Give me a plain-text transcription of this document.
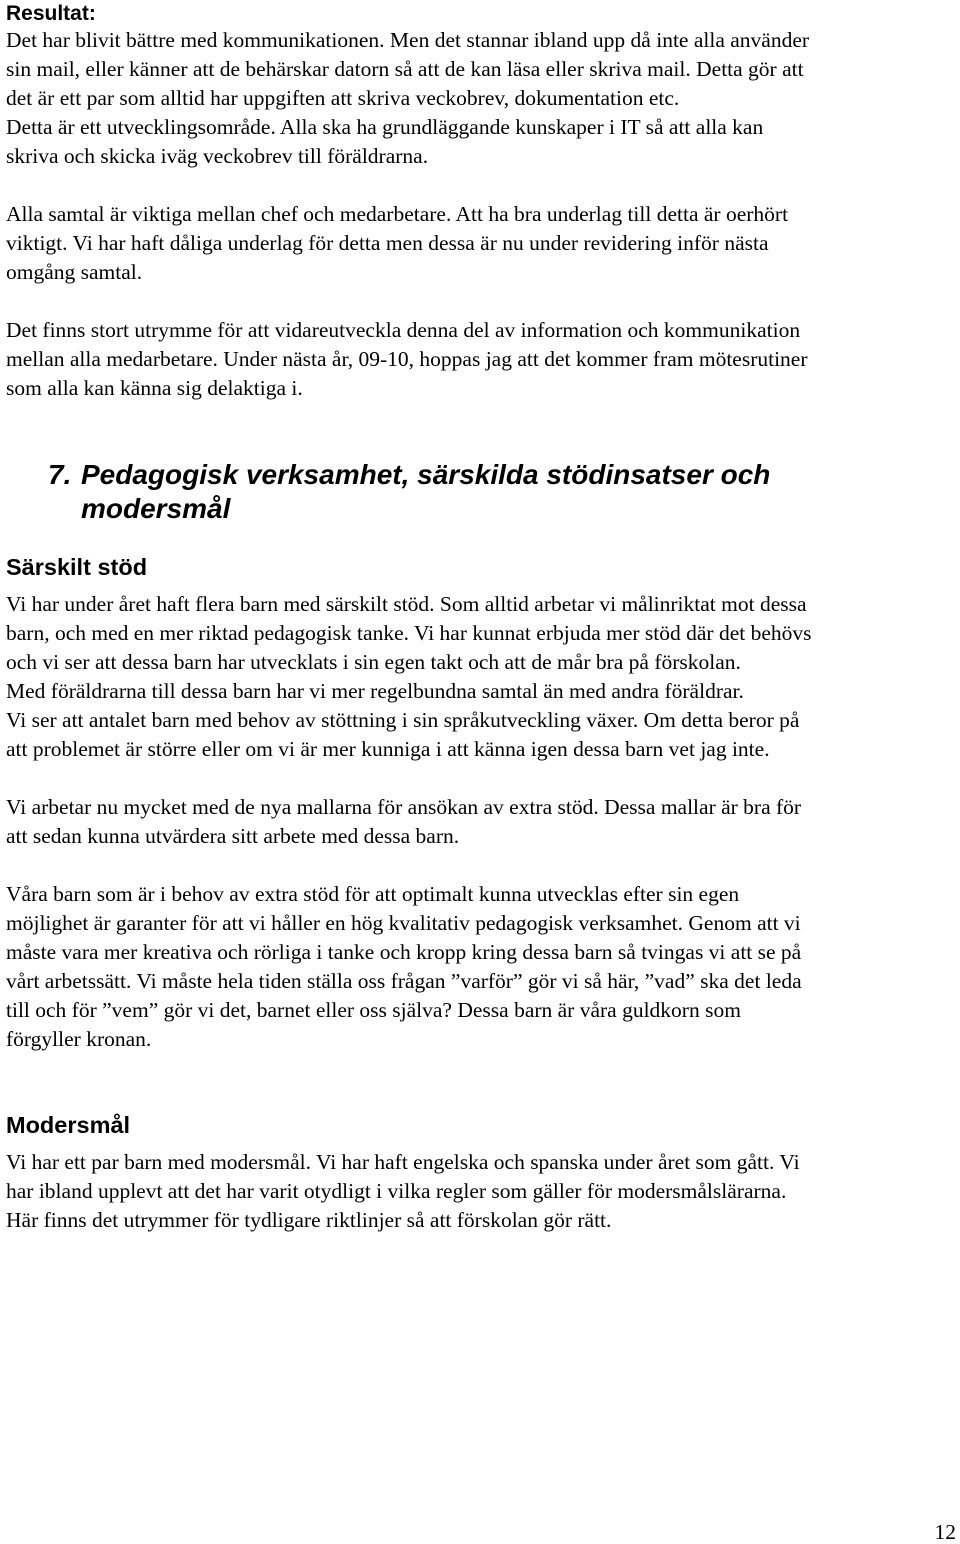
Resultat:

Det har blivit bättre med kommunikationen. Men det stannar ibland upp då inte alla använder
sin mail, eller känner att de behärskar datorn så att de kan läsa eller skriva mail. Detta gör att
det är ett par som alltid har uppgiften att skriva veckobrev, dokumentation etc.
Detta är ett utvecklingsområde. Alla ska ha grundläggande kunskaper i IT så att alla kan
skriva och skicka iväg veckobrev till föräldrarna.

Alla samtal är viktiga mellan chef och medarbetare. Att ha bra underlag till detta är oerhört
viktigt. Vi har haft dåliga underlag för detta men dessa är nu under revidering inför nästa
omgång samtal.

Det finns stort utrymme för att vidareutveckla denna del av information och kommunikation
mellan alla medarbetare. Under nästa år, 09-10, hoppas jag att det kommer fram mötesrutiner
som alla kan känna sig delaktiga i.

7. Pedagogisk verksamhet, särskilda stödinsatser och
modersmål
Särskilt stöd

Vi har under året haft flera barn med särskilt stöd. Som alltid arbetar vi målinriktat mot dessa
barn, och med en mer riktad pedagogisk tanke. Vi har kunnat erbjuda mer stöd där det behövs
och vi ser att dessa barn har utvecklats i sin egen takt och att de mår bra på förskolan.
Med föräldrarna till dessa barn har vi mer regelbundna samtal än med andra föräldrar.
Vi ser att antalet barn med behov av stöttning i sin språkutveckling växer. Om detta beror på
att problemet är större eller om vi är mer kunniga i att känna igen dessa barn vet jag inte.

Vi arbetar nu mycket med de nya mallarna för ansökan av extra stöd. Dessa mallar är bra för
att sedan kunna utvärdera sitt arbete med dessa barn.

Våra barn som är i behov av extra stöd för att optimalt kunna utvecklas efter sin egen
möjlighet är garanter för att vi håller en hög kvalitativ pedagogisk verksamhet. Genom att vi
måste vara mer kreativa och rörliga i tanke och kropp kring dessa barn så tvingas vi att se på
vårt arbetssätt. Vi måste hela tiden ställa oss frågan ”varför” gör vi så här, ”vad” ska det leda
till och för ”vem” gör vi det, barnet eller oss själva? Dessa barn är våra guldkorn som
förgyller kronan.

Modersmål

Vi har ett par barn med modersmål. Vi har haft engelska och spanska under året som gått. Vi
har ibland upplevt att det har varit otydligt i vilka regler som gäller för modersmålslärarna.
Här finns det utrymmer för tydligare riktlinjer så att förskolan gör rätt.

12
